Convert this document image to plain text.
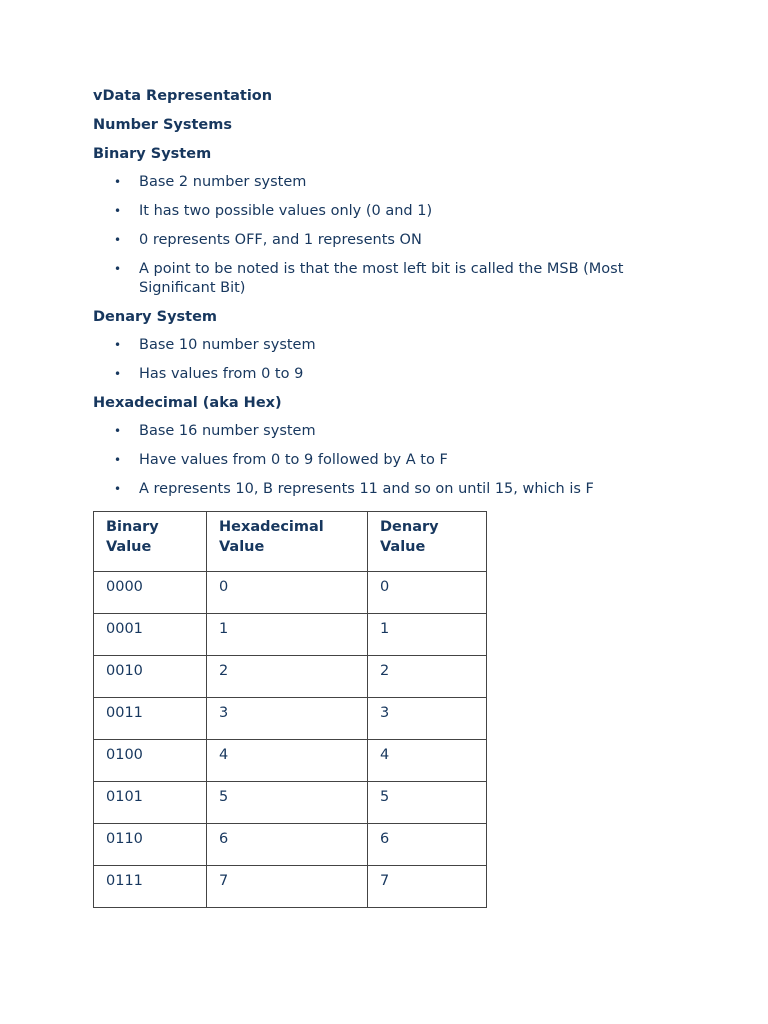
vData Representation
Number Systems
Binary System
• Base 2 number system
• It has two possible values only (0 and 1)
• 0 represents OFF, and 1 represents ON
• A point to be noted is that the most left bit is called the MSB (Most Significant Bit)
Denary System
• Base 10 number system
• Has values from 0 to 9
Hexadecimal (aka Hex)
• Base 16 number system
• Have values from 0 to 9 followed by A to F
• A represents 10, B represents 11 and so on until 15, which is F
Binary Value	Hexadecimal Value	Denary Value
0000	0	0
0001	1	1
0010	2	2
0011	3	3
0100	4	4
0101	5	5
0110	6	6
0111	7	7
